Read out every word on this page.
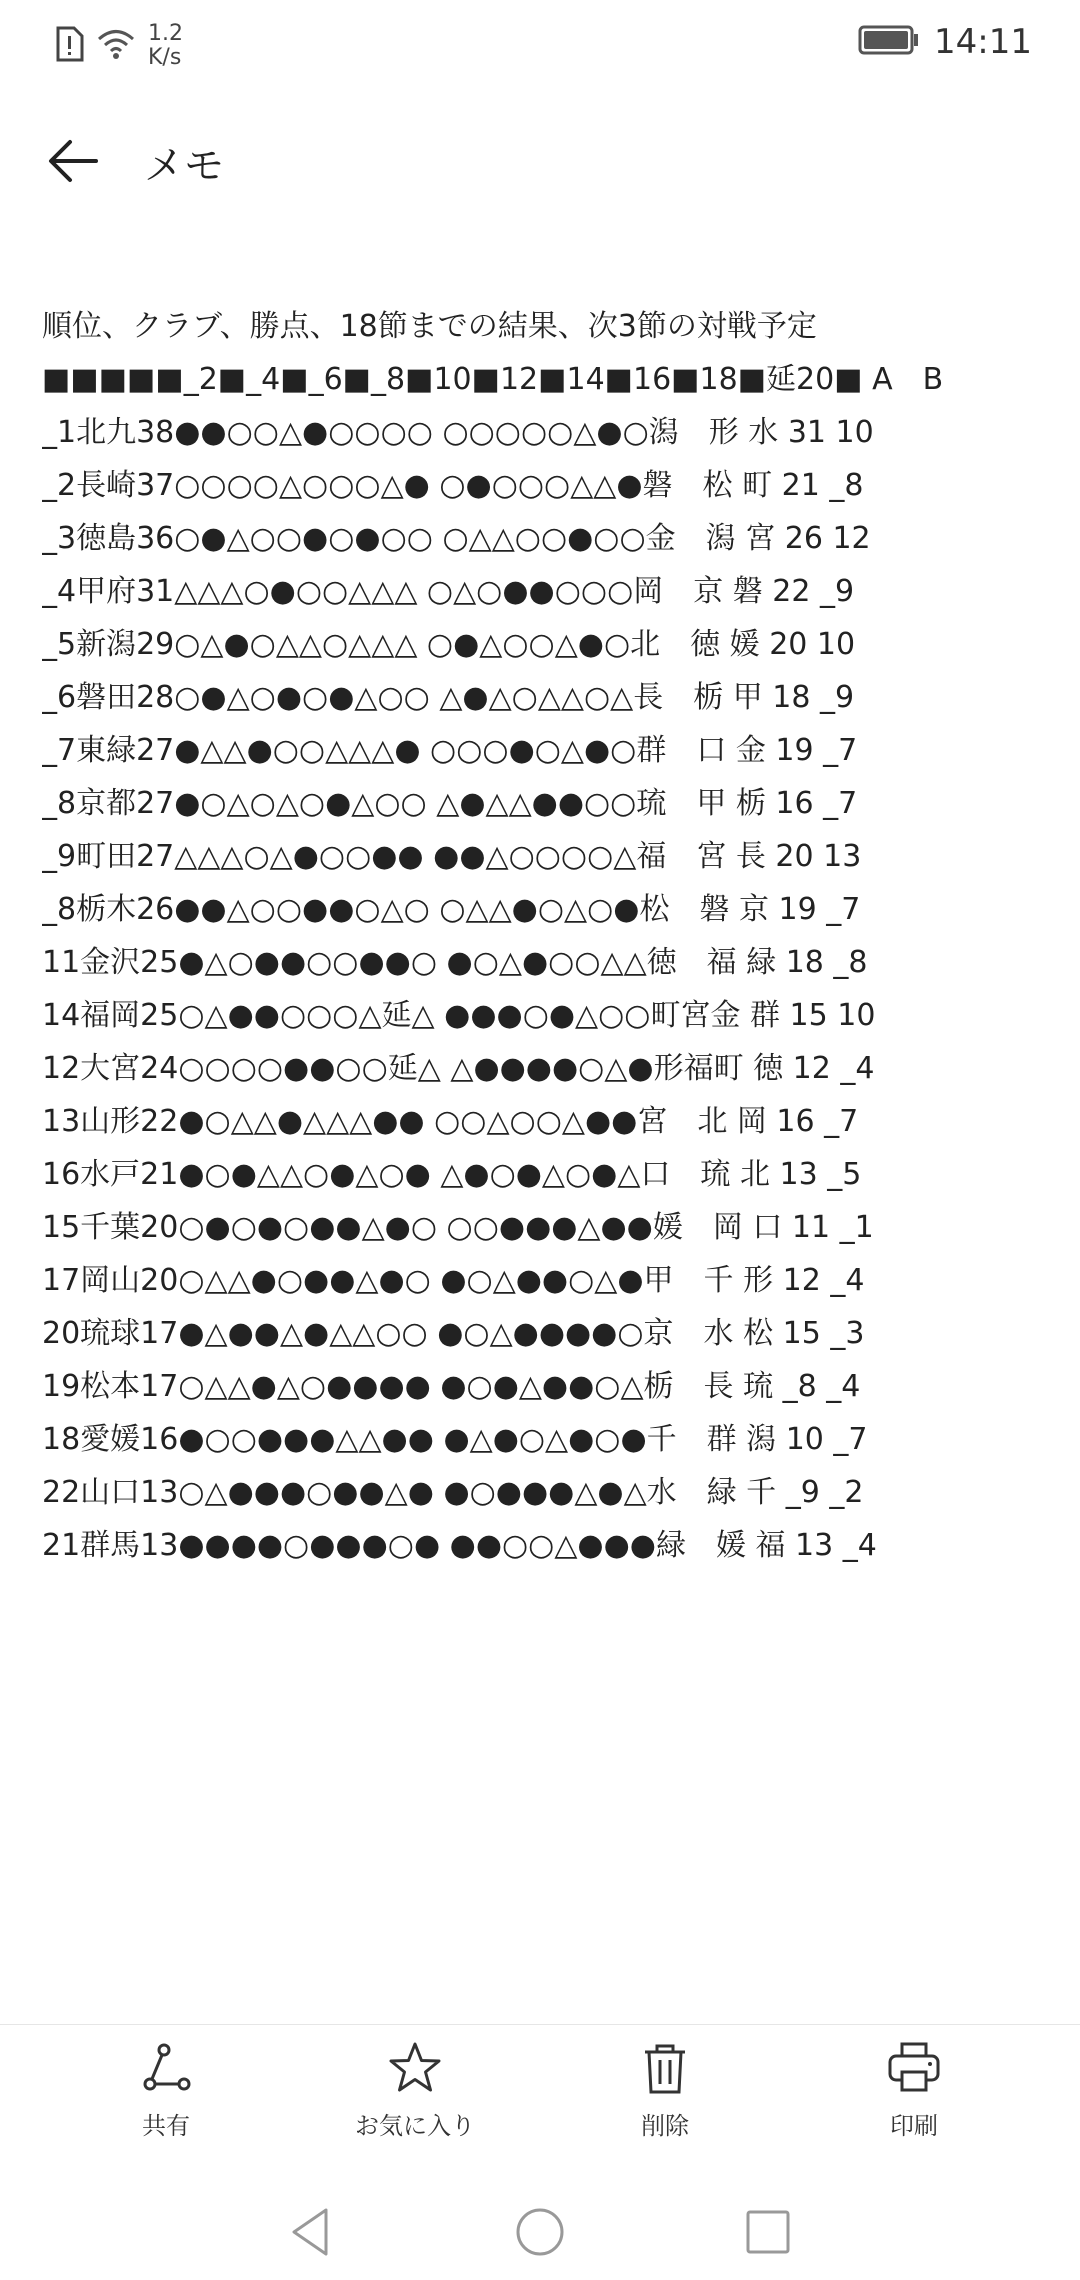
1.2
K/s	14:11
メモ
順位、クラブ、勝点、18節までの結果、次3節の対戦予定
■■■■■_2■_4■_6■_8■10■12■14■16■18■延20■ A　B
_1北九38●●○○△●○○○○ ○○○○○△●○潟　形 水 31 10
_2長崎37○○○○△○○○△● ○●○○○△△●磐　松 町 21 _8
_3徳島36○●△○○●○●○○ ○△△○○●○○金　潟 宮 26 12
_4甲府31△△△○●○○△△△ ○△○●●○○○岡　京 磐 22 _9
_5新潟29○△●○△△○△△△ ○●△○○△●○北　徳 媛 20 10
_6磐田28○●△○●○●△○○ △●△○△△○△長　栃 甲 18 _9
_7東緑27●△△●○○△△△● ○○○●○△●○群　口 金 19 _7
_8京都27●○△○△○●△○○ △●△△●●○○琉　甲 栃 16 _7
_9町田27△△△○△●○○●● ●●△○○○○△福　宮 長 20 13
_8栃木26●●△○○●●○△○ ○△△●○△○●松　磐 京 19 _7
11金沢25●△○●●○○●●○ ●○△●○○△△徳　福 緑 18 _8
14福岡25○△●●○○○△延△ ●●●○●△○○町宮金 群 15 10
12大宮24○○○○●●○○延△ △●●●●○△●形福町 徳 12 _4
13山形22●○△△●△△△●● ○○△○○△●●宮　北 岡 16 _7
16水戸21●○●△△○●△○● △●○●△○●△口　琉 北 13 _5
15千葉20○●○●○●●△●○ ○○●●●△●●媛　岡 口 11 _1
17岡山20○△△●○●●△●○ ●○△●●○△●甲　千 形 12 _4
20琉球17●△●●△●△△○○ ●○△●●●●○京　水 松 15 _3
19松本17○△△●△○●●●● ●○●△●●○△栃　長 琉 _8 _4
18愛媛16●○○●●●△△●● ●△●○△●○●千　群 潟 10 _7
22山口13○△●●●○●●△● ●○●●●△●△水　緑 千 _9 _2
21群馬13●●●●○●●●○● ●●○○△●●●緑　媛 福 13 _4
共有	お気に入り	削除	印刷
